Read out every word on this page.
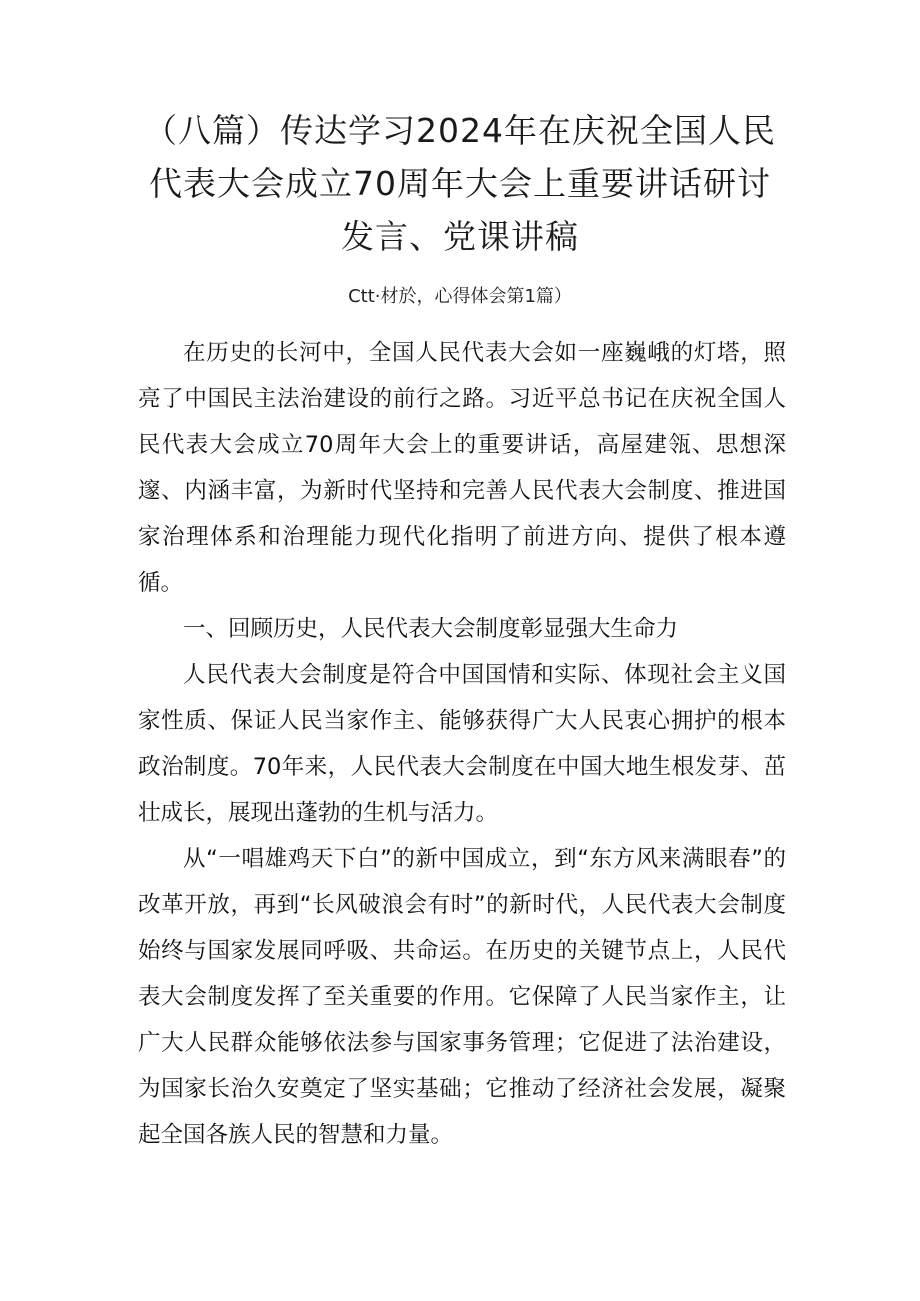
（八篇）传达学习2024年在庆祝全国人民
代表大会成立70周年大会上重要讲话研讨
发言、党课讲稿
Ctt·材於，心得体会第1篇）

在历史的长河中，全国人民代表大会如一座巍峨的灯塔，照亮了中国民主法治建设的前行之路。习近平总书记在庆祝全国人民代表大会成立70周年大会上的重要讲话，高屋建瓴、思想深邃、内涵丰富，为新时代坚持和完善人民代表大会制度、推进国家治理体系和治理能力现代化指明了前进方向、提供了根本遵循。

一、回顾历史，人民代表大会制度彰显强大生命力

人民代表大会制度是符合中国国情和实际、体现社会主义国家性质、保证人民当家作主、能够获得广大人民衷心拥护的根本政治制度。70年来，人民代表大会制度在中国大地生根发芽、茁壮成长，展现出蓬勃的生机与活力。

从“一唱雄鸡天下白”的新中国成立，到“东方风来满眼春”的改革开放，再到“长风破浪会有时”的新时代，人民代表大会制度始终与国家发展同呼吸、共命运。在历史的关键节点上，人民代表大会制度发挥了至关重要的作用。它保障了人民当家作主，让广大人民群众能够依法参与国家事务管理；它促进了法治建设，为国家长治久安奠定了坚实基础；它推动了经济社会发展，凝聚起全国各族人民的智慧和力量。
